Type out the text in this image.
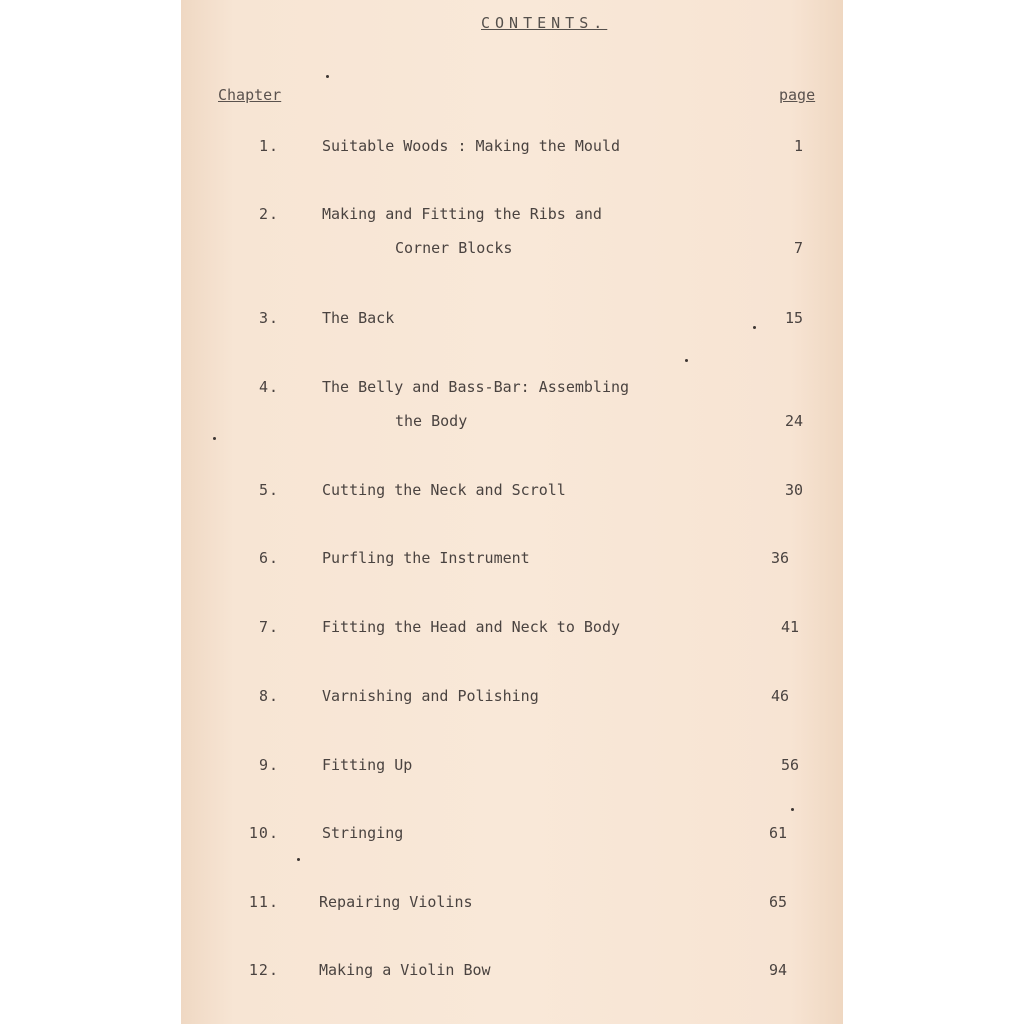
CONTENTS.
Chapter	page
1.	Suitable Woods : Making the Mould	1
2.	Making and Fitting the Ribs and
Corner Blocks	7
3.	The Back	15
4.	The Belly and Bass-Bar: Assembling
the Body	24
5.	Cutting the Neck and Scroll	30
6.	Purfling the Instrument	36
7.	Fitting the Head and Neck to Body	41
8.	Varnishing and Polishing	46
9.	Fitting Up	56
10.	Stringing	61
11.	Repairing Violins	65
12.	Making a Violin Bow	94
